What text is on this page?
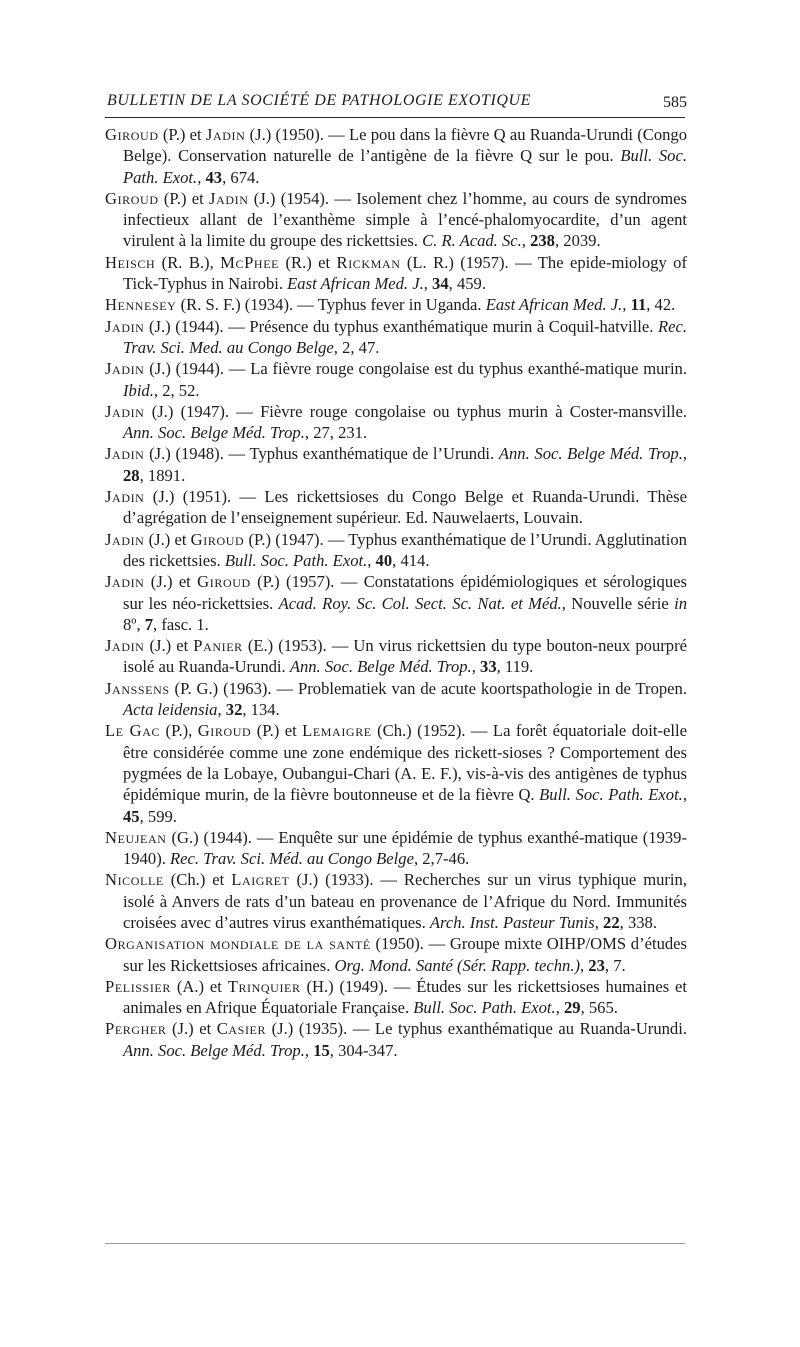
BULLETIN DE LA SOCIÉTÉ DE PATHOLOGIE EXOTIQUE	585

Giroud (P.) et Jadin (J.) (1950). — Le pou dans la fièvre Q au Ruanda-Urundi (Congo Belge). Conservation naturelle de l’antigène de la fièvre Q sur le pou. Bull. Soc. Path. Exot., 43, 674.

Giroud (P.) et Jadin (J.) (1954). — Isolement chez l’homme, au cours de syndromes infectieux allant de l’exanthème simple à l’encé-phalomyocardite, d’un agent virulent à la limite du groupe des rickettsies. C. R. Acad. Sc., 238, 2039.

Heisch (R. B.), McPhee (R.) et Rickman (L. R.) (1957). — The epide-miology of Tick-Typhus in Nairobi. East African Med. J., 34, 459.

Hennesey (R. S. F.) (1934). — Typhus fever in Uganda. East African Med. J., 11, 42.

Jadin (J.) (1944). — Présence du typhus exanthématique murin à Coquil-hatville. Rec. Trav. Sci. Med. au Congo Belge, 2, 47.

Jadin (J.) (1944). — La fièvre rouge congolaise est du typhus exanthé-matique murin. Ibid., 2, 52.

Jadin (J.) (1947). — Fièvre rouge congolaise ou typhus murin à Coster-mansville. Ann. Soc. Belge Méd. Trop., 27, 231.

Jadin (J.) (1948). — Typhus exanthématique de l’Urundi. Ann. Soc. Belge Méd. Trop., 28, 1891.

Jadin (J.) (1951). — Les rickettsioses du Congo Belge et Ruanda-Urundi. Thèse d’agrégation de l’enseignement supérieur. Ed. Nauwelaerts, Louvain.

Jadin (J.) et Giroud (P.) (1947). — Typhus exanthématique de l’Urundi. Agglutination des rickettsies. Bull. Soc. Path. Exot., 40, 414.

Jadin (J.) et Giroud (P.) (1957). — Constatations épidémiologiques et sérologiques sur les néo-rickettsies. Acad. Roy. Sc. Col. Sect. Sc. Nat. et Méd., Nouvelle série in 8º, 7, fasc. 1.

Jadin (J.) et Panier (E.) (1953). — Un virus rickettsien du type bouton-neux pourpré isolé au Ruanda-Urundi. Ann. Soc. Belge Méd. Trop., 33, 119.

Janssens (P. G.) (1963). — Problematiek van de acute koortspathologie in de Tropen. Acta leidensia, 32, 134.

Le Gac (P.), Giroud (P.) et Lemaigre (Ch.) (1952). — La forêt équatoriale doit-elle être considérée comme une zone endémique des rickett-sioses ? Comportement des pygmées de la Lobaye, Oubangui-Chari (A. E. F.), vis-à-vis des antigènes de typhus épidémique murin, de la fièvre boutonneuse et de la fièvre Q. Bull. Soc. Path. Exot., 45, 599.

Neujean (G.) (1944). — Enquête sur une épidémie de typhus exanthé-matique (1939-1940). Rec. Trav. Sci. Méd. au Congo Belge, 2,7-46.

Nicolle (Ch.) et Laigret (J.) (1933). — Recherches sur un virus typhique murin, isolé à Anvers de rats d’un bateau en provenance de l’Afrique du Nord. Immunités croisées avec d’autres virus exanthématiques. Arch. Inst. Pasteur Tunis, 22, 338.

Organisation mondiale de la santé (1950). — Groupe mixte OIHP/OMS d’études sur les Rickettsioses africaines. Org. Mond. Santé (Sér. Rapp. techn.), 23, 7.

Pelissier (A.) et Trinquier (H.) (1949). — Études sur les rickettsioses humaines et animales en Afrique Équatoriale Française. Bull. Soc. Path. Exot., 29, 565.

Pergher (J.) et Casier (J.) (1935). — Le typhus exanthématique au Ruanda-Urundi. Ann. Soc. Belge Méd. Trop., 15, 304-347.
